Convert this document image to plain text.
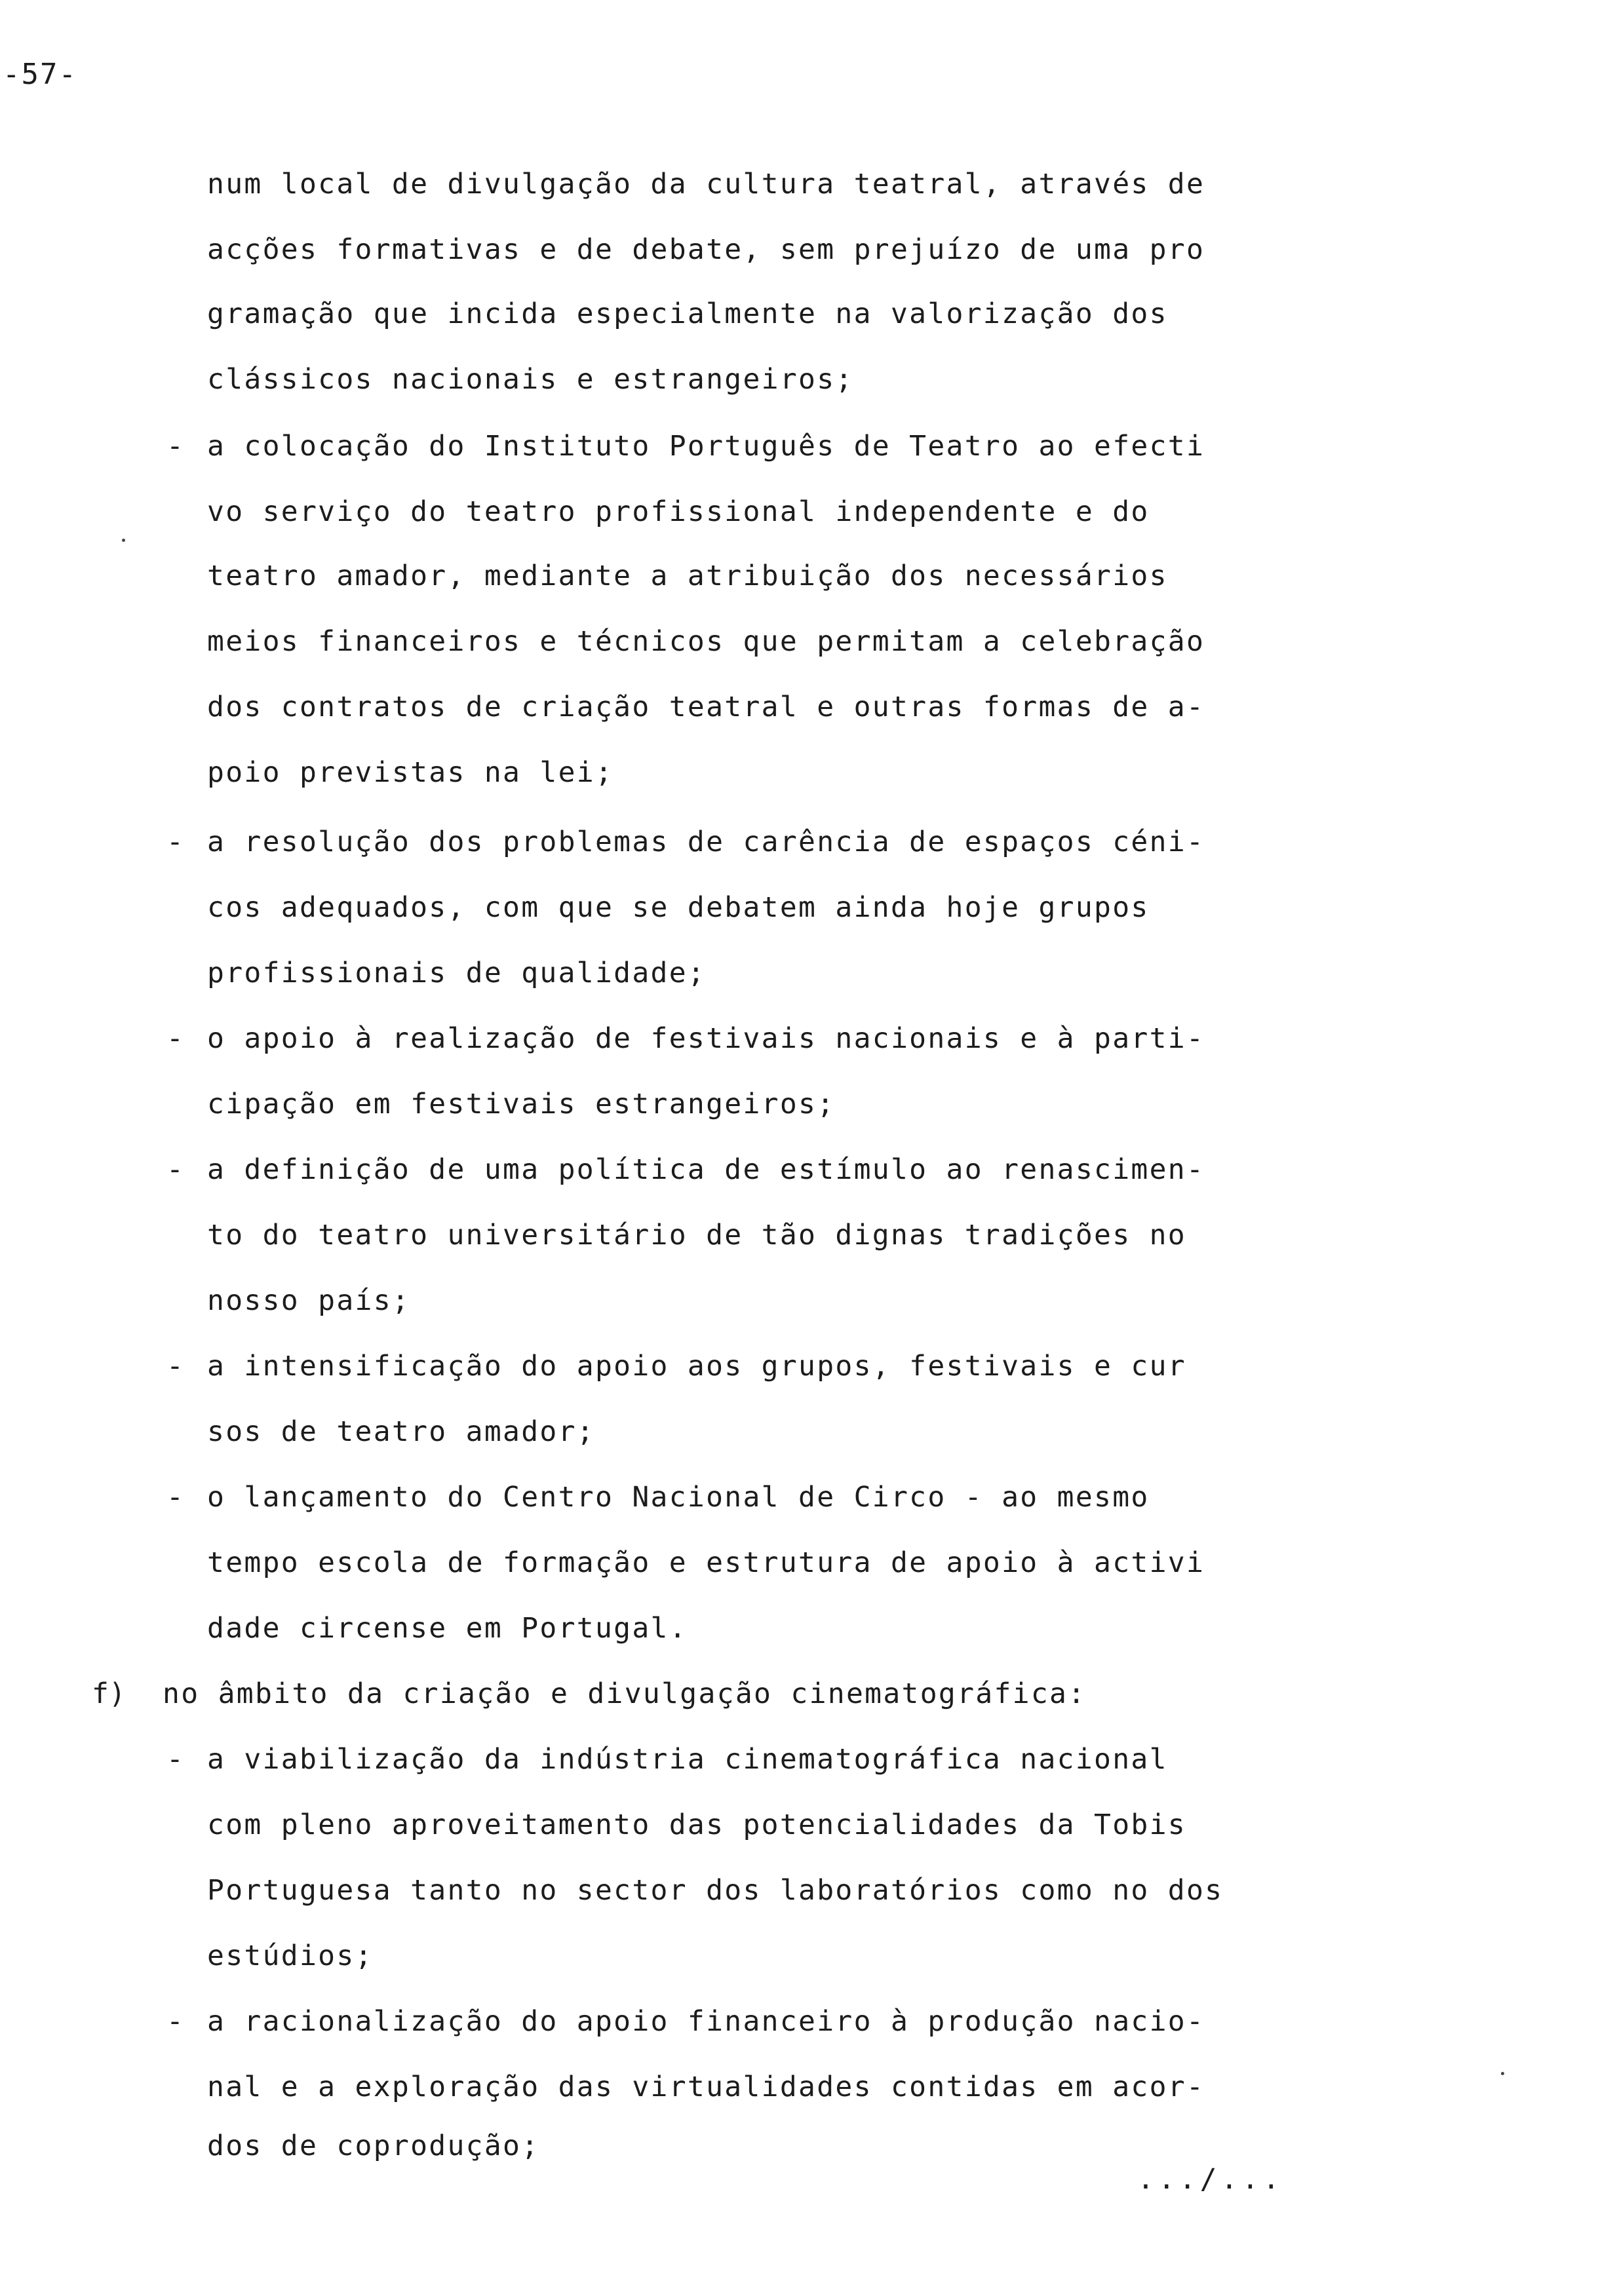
-57-
num local de divulgação da cultura teatral, através de
acções formativas e de debate, sem prejuízo de uma pro
gramação que incida especialmente na valorização dos
clássicos nacionais e estrangeiros;
- a colocação do Instituto Português de Teatro ao efecti
vo serviço do teatro profissional independente e do
teatro amador, mediante a atribuição dos necessários
meios financeiros e técnicos que permitam a celebração
dos contratos de criação teatral e outras formas de a-
poio previstas na lei;
- a resolução dos problemas de carência de espaços céni-
cos adequados, com que se debatem ainda hoje grupos
profissionais de qualidade;
- o apoio à realização de festivais nacionais e à parti-
cipação em festivais estrangeiros;
- a definição de uma política de estímulo ao renascimen-
to do teatro universitário de tão dignas tradições no
nosso país;
- a intensificação do apoio aos grupos, festivais e cur
sos de teatro amador;
- o lançamento do Centro Nacional de Circo - ao mesmo
tempo escola de formação e estrutura de apoio à activi
dade circense em Portugal.
f) no âmbito da criação e divulgação cinematográfica:
- a viabilização da indústria cinematográfica nacional
com pleno aproveitamento das potencialidades da Tobis
Portuguesa tanto no sector dos laboratórios como no dos
estúdios;
- a racionalização do apoio financeiro à produção nacio-
nal e a exploração das virtualidades contidas em acor-
dos de coprodução;
.../...
